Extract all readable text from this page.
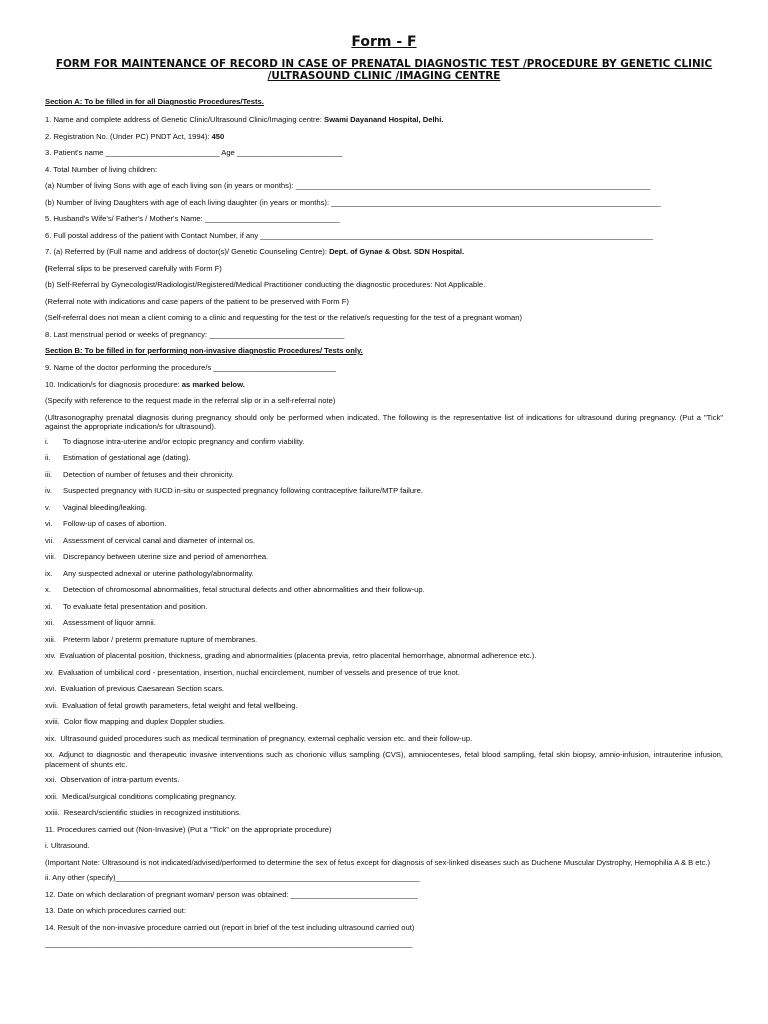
Form - F
FORM FOR MAINTENANCE OF RECORD IN CASE OF PRENATAL DIAGNOSTIC TEST /PROCEDURE BY GENETIC CLINIC /ULTRASOUND CLINIC /IMAGING CENTRE
Section A: To be filled in for all Diagnostic Procedures/Tests.
1. Name and complete address of Genetic Clinic/Ultrasound Clinic/Imaging centre: Swami Dayanand Hospital, Delhi.
2. Registration No. (Under PC) PNDT Act, 1994): 450
3. Patient's name ___________________________ Age _________________________
4. Total Number of living children:
(a) Number of living Sons with age of each living son (in years or months): ____________________________________________________________________________________
(b) Number of living Daughters with age of each living daughter (in years or months): ______________________________________________________________________________
5. Husband's Wife's/ Father's / Mother's Name: ________________________________
6. Full postal address of the patient with Contact Number, if any _____________________________________________________________________________________________
7. (a) Referred by (Full name and address of doctor(s)/ Genetic Counseling Centre): Dept. of Gynae & Obst. SDN Hospital.
(Referral slips to be preserved carefully with Form F)
(b) Self-Referral by Gynecologist/Radiologist/Registered/Medical Practitioner conducting the diagnostic procedures: Not Applicable.
(Referral note with indications and case papers of the patient to be preserved with Form F)
(Self-referral does not mean a client coming to a clinic and requesting for the test or the relative/s requesting for the test of a pregnant woman)
8. Last menstrual period or weeks of pregnancy: ________________________________
Section B: To be filled in for performing non-invasive diagnostic Procedures/ Tests only.
9. Name of the doctor performing the procedure/s _____________________________
10. Indication/s for diagnosis procedure: as marked below.
(Specify with reference to the request made in the referral slip or in a self-referral note)
(Ultrasonography prenatal diagnosis during pregnancy should only be performed when indicated. The following is the representative list of indications for ultrasound during pregnancy. (Put a "Tick" against the appropriate indication/s for ultrasound).
i. To diagnose intra-uterine and/or ectopic pregnancy and confirm viability.
ii. Estimation of gestational age (dating).
iii. Detection of number of fetuses and their chronicity.
iv. Suspected pregnancy with IUCD in-situ or suspected pregnancy following contraceptive failure/MTP failure.
v. Vaginal bleeding/leaking.
vi. Follow-up of cases of abortion.
vii. Assessment of cervical canal and diameter of internal os.
viii. Discrepancy between uterine size and period of amenorrhea.
ix. Any suspected adnexal or uterine pathology/abnormality.
x. Detection of chromosomal abnormalities, fetal structural defects and other abnormalities and their follow-up.
xi. To evaluate fetal presentation and position.
xii. Assessment of liquor amnii.
xiii. Preterm labor / preterm premature rupture of membranes.
xiv. Evaluation of placental position, thickness, grading and abnormalities (placenta previa, retro placental hemorrhage, abnormal adherence etc.).
xv. Evaluation of umbilical cord - presentation, insertion, nuchal encirclement, number of vessels and presence of true knot.
xvi. Evaluation of previous Caesarean Section scars.
xvii. Evaluation of fetal growth parameters, fetal weight and fetal wellbeing.
xviii. Color flow mapping and duplex Doppler studies.
xix. Ultrasound guided procedures such as medical termination of pregnancy, external cephalic version etc. and their follow-up.
xx. Adjunct to diagnostic and therapeutic invasive interventions such as chorionic villus sampling (CVS), amniocenteses, fetal blood sampling, fetal skin biopsy, amnio-infusion, intrauterine infusion, placement of shunts etc.
xxi. Observation of intra-partum events.
xxii. Medical/surgical conditions complicating pregnancy.
xxiii. Research/scientific studies in recognized institutions.
11. Procedures carried out (Non-Invasive) (Put a "Tick" on the appropriate procedure)
i. Ultrasound.
(Important Note: Ultrasound is not indicated/advised/performed to determine the sex of fetus except for diagnosis of sex-linked diseases such as Duchene Muscular Dystrophy, Hemophilia A & B etc.)
ii. Any other (specify)________________________________________________________________________
12. Date on which declaration of pregnant woman/ person was obtained: ______________________________
13. Date on which procedures carried out:
14. Result of the non-invasive procedure carried out (report in brief of the test including ultrasound carried out)
_______________________________________________________________________________________
